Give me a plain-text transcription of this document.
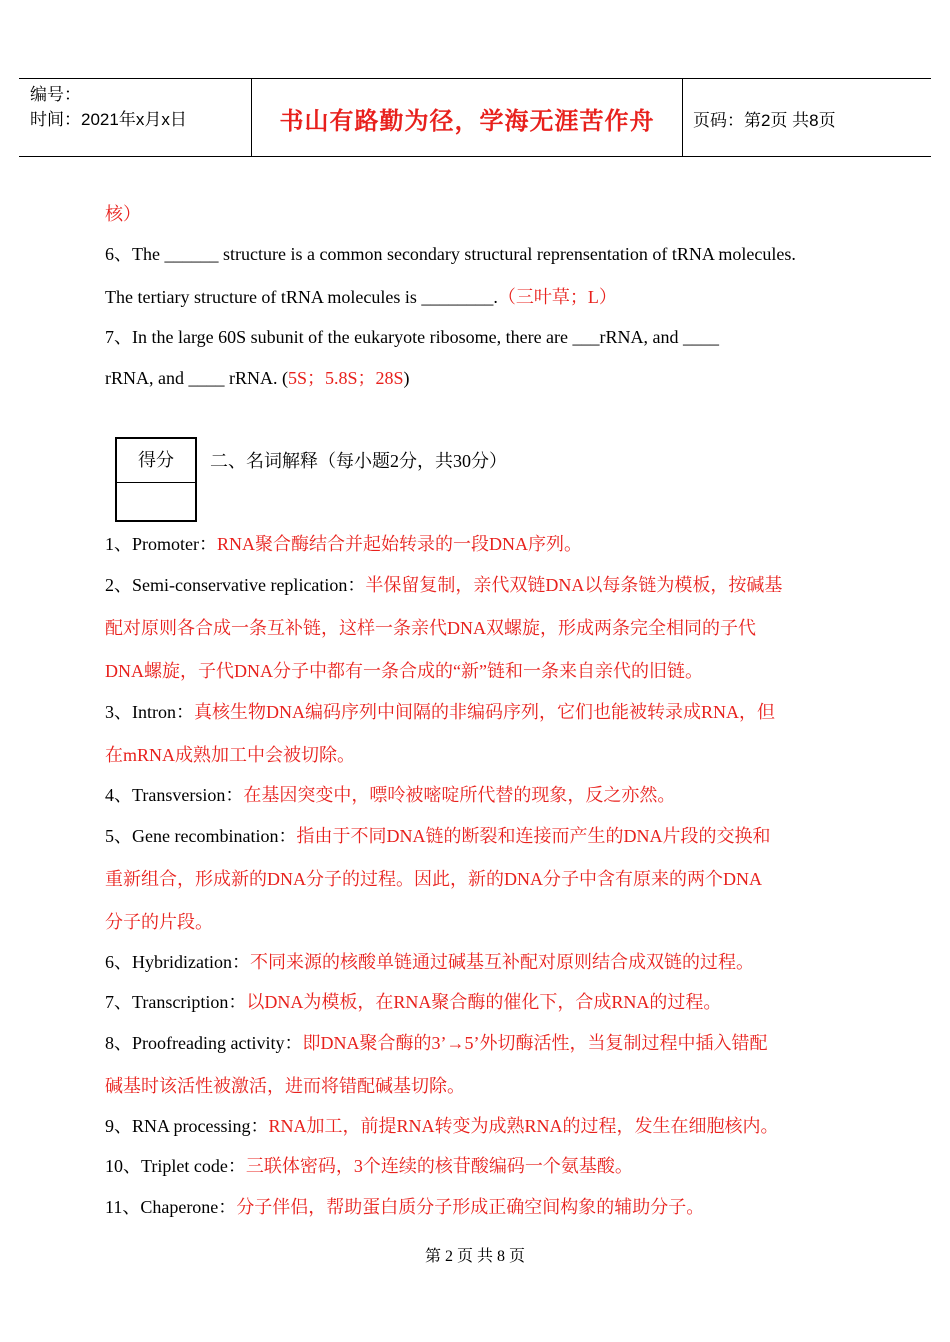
编号：
时间：2021年x月x日	书山有路勤为径，学海无涯苦作舟	页码：第2页 共8页
核）
6、The ______ structure is a common secondary structural reprensentation of tRNA molecules.
The tertiary structure of tRNA molecules is ________.（三叶草；L）
7、In the large 60S subunit of the eukaryote ribosome, there are ___rRNA, and ____
rRNA, and ____ rRNA. (5S；5.8S；28S)
得分	二、名词解释（每小题2分，共30分）
1、Promoter：RNA聚合酶结合并起始转录的一段DNA序列。
2、Semi-conservative replication：半保留复制，亲代双链DNA以每条链为模板，按碱基
配对原则各合成一条互补链，这样一条亲代DNA双螺旋，形成两条完全相同的子代
DNA螺旋，子代DNA分子中都有一条合成的“新”链和一条来自亲代的旧链。
3、Intron：真核生物DNA编码序列中间隔的非编码序列，它们也能被转录成RNA，但
在mRNA成熟加工中会被切除。
4、Transversion：在基因突变中，嘌呤被嘧啶所代替的现象，反之亦然。
5、Gene recombination：指由于不同DNA链的断裂和连接而产生的DNA片段的交换和
重新组合，形成新的DNA分子的过程。因此，新的DNA分子中含有原来的两个DNA
分子的片段。
6、Hybridization：不同来源的核酸单链通过碱基互补配对原则结合成双链的过程。
7、Transcription：以DNA为模板，在RNA聚合酶的催化下，合成RNA的过程。
8、Proofreading activity：即DNA聚合酶的3’→5’外切酶活性，当复制过程中插入错配
碱基时该活性被激活，进而将错配碱基切除。
9、RNA processing：RNA加工，前提RNA转变为成熟RNA的过程，发生在细胞核内。
10、Triplet code：三联体密码，3个连续的核苷酸编码一个氨基酸。
11、Chaperone：分子伴侣，帮助蛋白质分子形成正确空间构象的辅助分子。
第 2 页 共 8 页
